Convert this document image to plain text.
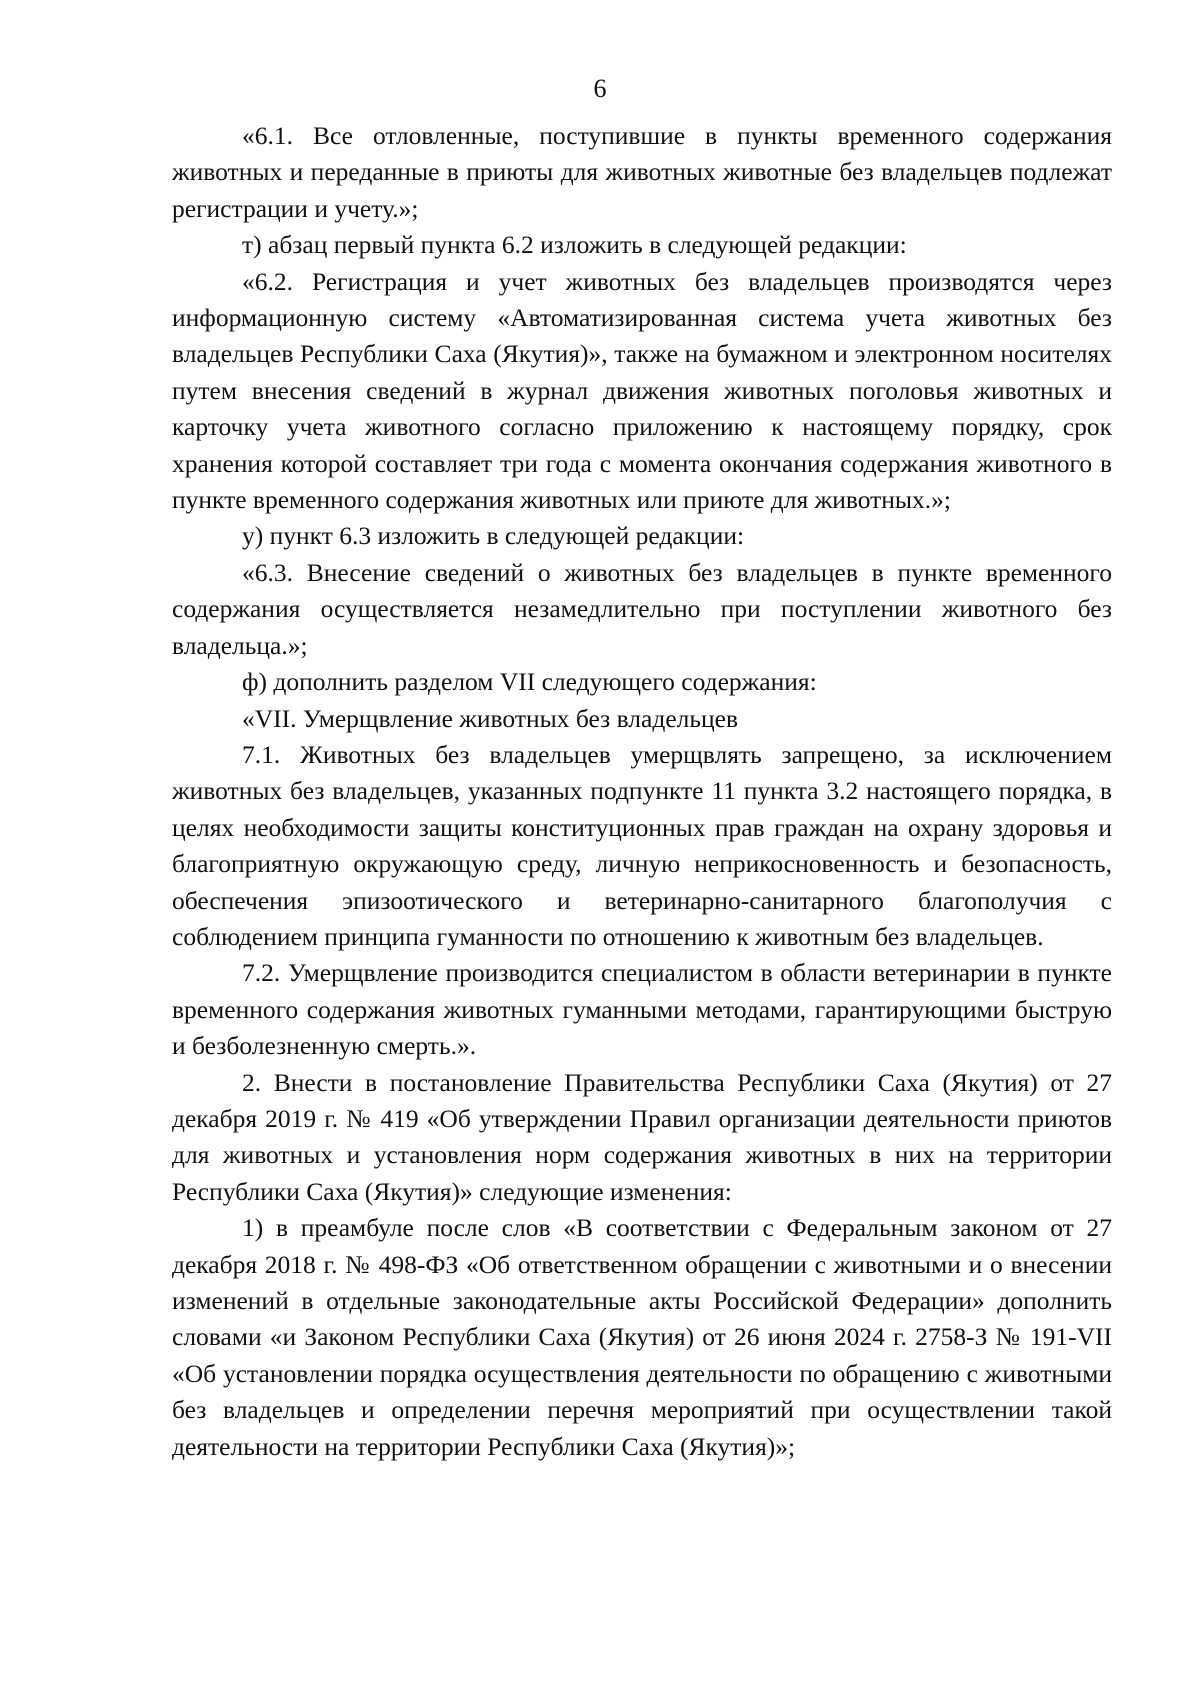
6

«6.1. Все отловленные, поступившие в пункты временного содержания животных и переданные в приюты для животных животные без владельцев подлежат регистрации и учету.»;

т) абзац первый пункта 6.2 изложить в следующей редакции:

«6.2. Регистрация и учет животных без владельцев производятся через информационную систему «Автоматизированная система учета животных без владельцев Республики Саха (Якутия)», также на бумажном и электронном носителях путем внесения сведений в журнал движения животных поголовья животных и карточку учета животного согласно приложению к настоящему порядку, срок хранения которой составляет три года с момента окончания содержания животного в пункте временного содержания животных или приюте для животных.»;

у) пункт 6.3 изложить в следующей редакции:

«6.3. Внесение сведений о животных без владельцев в пункте временного содержания осуществляется незамедлительно при поступлении животного без владельца.»;

ф) дополнить разделом VII следующего содержания:

«VII. Умерщвление животных без владельцев

7.1. Животных без владельцев умерщвлять запрещено, за исключением животных без владельцев, указанных подпункте 11 пункта 3.2 настоящего порядка, в целях необходимости защиты конституционных прав граждан на охрану здоровья и благоприятную окружающую среду, личную неприкосновенность и безопасность, обеспечения эпизоотического и ветеринарно-санитарного благополучия с соблюдением принципа гуманности по отношению к животным без владельцев.

7.2. Умерщвление производится специалистом в области ветеринарии в пункте временного содержания животных гуманными методами, гарантирующими быструю и безболезненную смерть.».

2. Внести в постановление Правительства Республики Саха (Якутия) от 27 декабря 2019 г. № 419 «Об утверждении Правил организации деятельности приютов для животных и установления норм содержания животных в них на территории Республики Саха (Якутия)» следующие изменения:

1) в преамбуле после слов «В соответствии с Федеральным законом от 27 декабря 2018 г. № 498-ФЗ «Об ответственном обращении с животными и о внесении изменений в отдельные законодательные акты Российской Федерации» дополнить словами «и Законом Республики Саха (Якутия) от 26 июня 2024 г. 2758-З № 191-VII «Об установлении порядка осуществления деятельности по обращению с животными без владельцев и определении перечня мероприятий при осуществлении такой деятельности на территории Республики Саха (Якутия)»;
